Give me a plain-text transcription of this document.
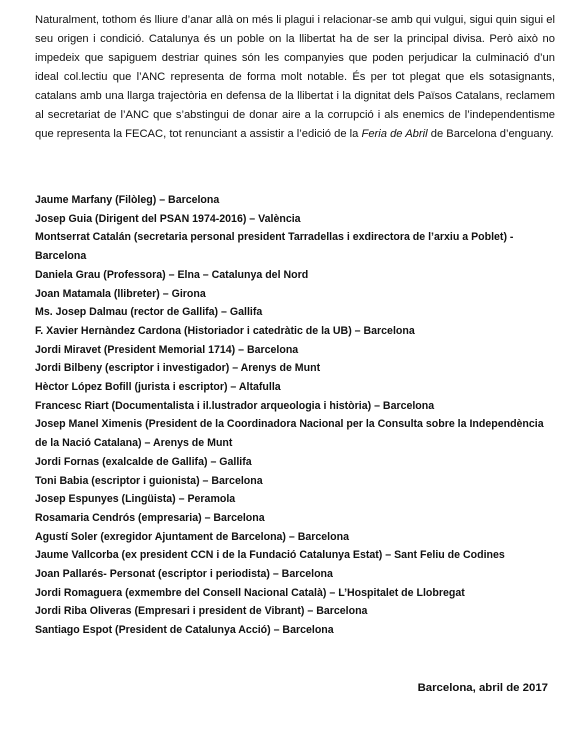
Naturalment, tothom és lliure d’anar allà on més li plagui i relacionar-se amb qui vulgui, sigui quin sigui el seu origen i condició. Catalunya és un poble on la llibertat ha de ser la principal divisa. Però això no impedeix que sapiguem destriar quines són les companyies que poden perjudicar la culminació d’un ideal col.lectiu que l’ANC representa de forma molt notable. És per tot plegat que els sotasignants, catalans amb una llarga trajectòria en defensa de la llibertat i la dignitat dels Països Catalans, reclamem al secretariat de l’ANC que s’abstingui de donar aire a la corrupció i als enemics de l’independentisme que representa la FECAC, tot renunciant a assistir a l’edició de la Feria de Abril de Barcelona d’enguany.

Jaume Marfany (Filòleg) – Barcelona
Josep Guia (Dirigent del PSAN 1974-2016) – València
Montserrat Catalán (secretaria personal president Tarradellas i exdirectora de l’arxiu a Poblet) - Barcelona
Daniela Grau (Professora) – Elna – Catalunya del Nord
Joan Matamala (llibreter) – Girona
Ms. Josep Dalmau (rector de Gallifa) – Gallifa
F. Xavier Hernàndez Cardona (Historiador i catedràtic de la UB) – Barcelona
Jordi Miravet (President Memorial 1714) – Barcelona
Jordi Bilbeny (escriptor i investigador) – Arenys de Munt
Hèctor López Bofill (jurista i escriptor) – Altafulla
Francesc Riart (Documentalista i il.lustrador arqueologia i història) – Barcelona
Josep Manel Ximenis (President de la Coordinadora Nacional per la Consulta sobre la Independència de la Nació Catalana) – Arenys de Munt
Jordi Fornas (exalcalde de Gallifa) – Gallifa
Toni Babia (escriptor i guionista) – Barcelona
Josep Espunyes (Lingüista) – Peramola
Rosamaria Cendrós (empresaria) – Barcelona
Agustí Soler (exregidor Ajuntament de Barcelona) – Barcelona
Jaume Vallcorba (ex president CCN i de la Fundació Catalunya Estat) – Sant Feliu de Codines
Joan Pallarés- Personat (escriptor i periodista) – Barcelona
Jordi Romaguera (exmembre del Consell Nacional Català) – L’Hospitalet de Llobregat
Jordi Riba Oliveras (Empresari i president de Vibrant) – Barcelona
Santiago Espot (President de Catalunya Acció) – Barcelona

Barcelona, abril de 2017
